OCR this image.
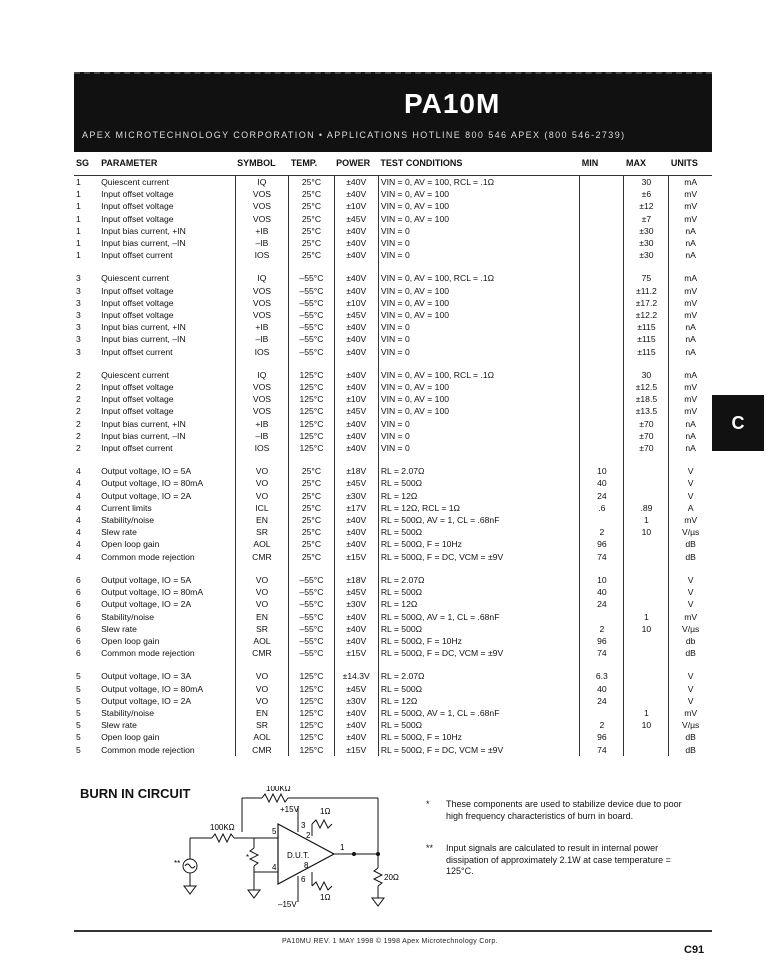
PA10M
APEX MICROTECHNOLOGY CORPORATION • APPLICATIONS HOTLINE 800 546 APEX (800 546-2739)
SG	PARAMETER	SYMBOL	TEMP.	POWER	TEST CONDITIONS	MIN	MAX	UNITS
1	Quiescent current	IQ	25°C	±40V	VIN = 0, AV = 100, RCL = .1Ω		30	mA
1	Input offset voltage	VOS	25°C	±40V	VIN = 0, AV = 100		±6	mV
1	Input offset voltage	VOS	25°C	±10V	VIN = 0, AV = 100		±12	mV
1	Input offset voltage	VOS	25°C	±45V	VIN = 0, AV = 100		±7	mV
1	Input bias current, +IN	+IB	25°C	±40V	VIN = 0		±30	nA
1	Input bias current, –IN	–IB	25°C	±40V	VIN = 0		±30	nA
1	Input offset current	IOS	25°C	±40V	VIN = 0		±30	nA

3	Quiescent current	IQ	–55°C	±40V	VIN = 0, AV = 100, RCL = .1Ω		75	mA
3	Input offset voltage	VOS	–55°C	±40V	VIN = 0, AV = 100		±11.2	mV
3	Input offset voltage	VOS	–55°C	±10V	VIN = 0, AV = 100		±17.2	mV
3	Input offset voltage	VOS	–55°C	±45V	VIN = 0, AV = 100		±12.2	mV
3	Input bias current, +IN	+IB	–55°C	±40V	VIN = 0		±115	nA
3	Input bias current, –IN	–IB	–55°C	±40V	VIN = 0		±115	nA
3	Input offset current	IOS	–55°C	±40V	VIN = 0		±115	nA

2	Quiescent current	IQ	125°C	±40V	VIN = 0, AV = 100, RCL = .1Ω		30	mA
2	Input offset voltage	VOS	125°C	±40V	VIN = 0, AV = 100		±12.5	mV
2	Input offset voltage	VOS	125°C	±10V	VIN = 0, AV = 100		±18.5	mV
2	Input offset voltage	VOS	125°C	±45V	VIN = 0, AV = 100		±13.5	mV
2	Input bias current, +IN	+IB	125°C	±40V	VIN = 0		±70	nA
2	Input bias current, –IN	–IB	125°C	±40V	VIN = 0		±70	nA
2	Input offset current	IOS	125°C	±40V	VIN = 0		±70	nA

4	Output voltage, IO = 5A	VO	25°C	±18V	RL = 2.07Ω	10		V
4	Output voltage, IO = 80mA	VO	25°C	±45V	RL = 500Ω	40		V
4	Output voltage, IO = 2A	VO	25°C	±30V	RL = 12Ω	24		V
4	Current limits	ICL	25°C	±17V	RL = 12Ω, RCL = 1Ω	.6	.89	A
4	Stability/noise	EN	25°C	±40V	RL = 500Ω, AV = 1, CL = .68nF		1	mV
4	Slew rate	SR	25°C	±40V	RL = 500Ω	2	10	V/µs
4	Open loop gain	AOL	25°C	±40V	RL = 500Ω, F = 10Hz	96		dB
4	Common mode rejection	CMR	25°C	±15V	RL = 500Ω, F = DC, VCM = ±9V	74		dB

6	Output voltage, IO = 5A	VO	–55°C	±18V	RL = 2.07Ω	10		V
6	Output voltage, IO = 80mA	VO	–55°C	±45V	RL = 500Ω	40		V
6	Output voltage, IO = 2A	VO	–55°C	±30V	RL = 12Ω	24		V
6	Stability/noise	EN	–55°C	±40V	RL = 500Ω, AV = 1, CL = .68nF		1	mV
6	Slew rate	SR	–55°C	±40V	RL = 500Ω	2	10	V/µs
6	Open loop gain	AOL	–55°C	±40V	RL = 500Ω, F = 10Hz	96		db
6	Common mode rejection	CMR	–55°C	±15V	RL = 500Ω, F = DC, VCM = ±9V	74		dB

5	Output voltage, IO = 3A	VO	125°C	±14.3V	RL = 2.07Ω	6.3		V
5	Output voltage, IO = 80mA	VO	125°C	±45V	RL = 500Ω	40		V
5	Output voltage, IO = 2A	VO	125°C	±30V	RL = 12Ω	24		V
5	Stability/noise	EN	125°C	±40V	RL = 500Ω, AV = 1, CL = .68nF		1	mV
5	Slew rate	SR	125°C	±40V	RL = 500Ω	2	10	V/µs
5	Open loop gain	AOL	125°C	±40V	RL = 500Ω, F = 10Hz	96		dB
5	Common mode rejection	CMR	125°C	±15V	RL = 500Ω, F = DC, VCM = ±9V	74		dB
C
BURN IN CIRCUIT	100KΩ
D.U.T.
100KΩ	5
4
*
**
+15V
3
–15V
6
1Ω
2
1Ω
8
1
20Ω
* These components are used to stabilize device due to poor high frequency characteristics of burn in board.
** Input signals are calculated to result in internal power dissipation of approximately 2.1W at case temperature = 125°C.
PA10MU REV. 1 MAY 1998 © 1998 Apex Microtechnology Corp.
C91
